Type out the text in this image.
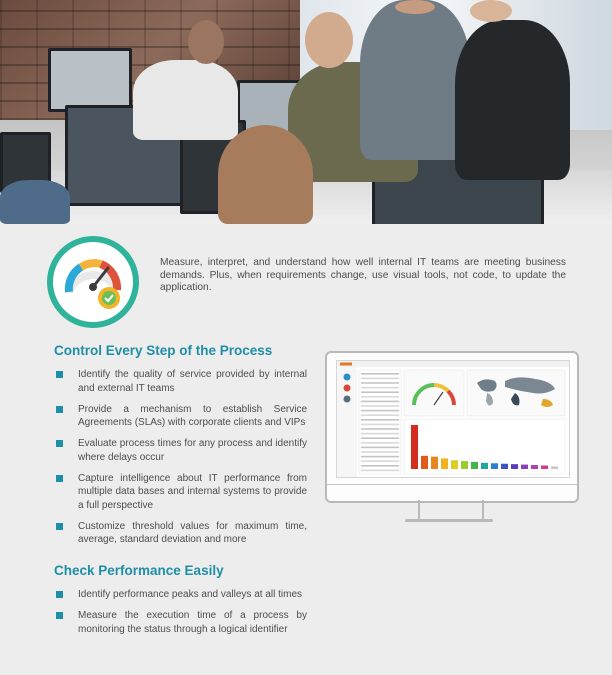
Measure, interpret, and understand how well internal IT teams are meeting business demands. Plus, when requirements change, use visual tools, not code, to update the application.
Control Every Step of the Process
Identify the quality of service provided by internal and external IT teams
Provide a mechanism to establish Service Agreements (SLAs) with corporate clients and VIPs
Evaluate process times for any process and identify where delays occur
Capture intelligence about IT performance from multiple data bases and internal systems to provide a full perspective
Customize threshold values for maximum time, average, standard deviation and more
Check Performance Easily
Identify performance peaks and valleys at all times
Measure the execution time of a process by monitoring the status through a logical identifier
